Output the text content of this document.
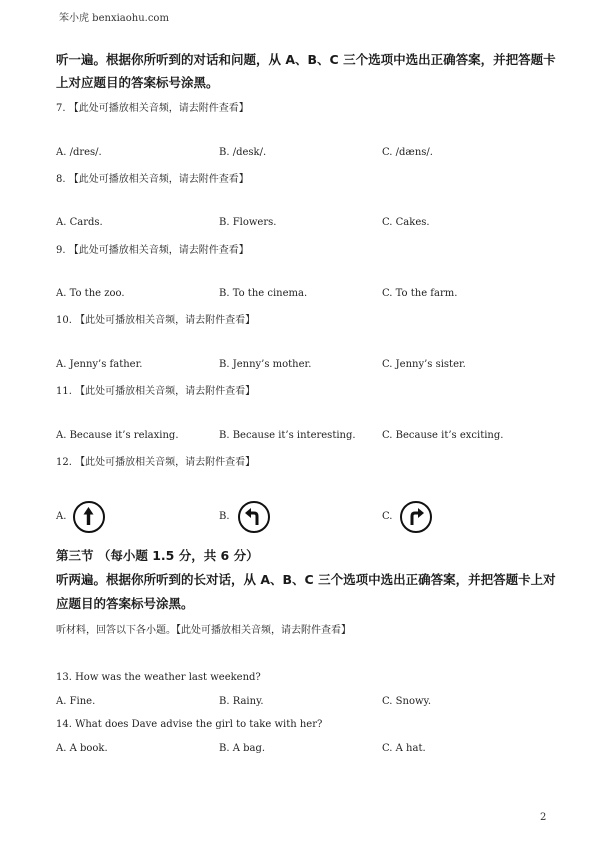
笨小虎 benxiaohu.com
听一遍。根据你所听到的对话和问题，从 A、B、C 三个选项中选出正确答案，并把答题卡
上对应题目的答案标号涂黑。
7. 【此处可播放相关音频，请去附件查看】
A. /dres/.	B. /desk/.	C. /dæns/.
8. 【此处可播放相关音频，请去附件查看】
A. Cards.	B. Flowers.	C. Cakes.
9. 【此处可播放相关音频，请去附件查看】
A. To the zoo.	B. To the cinema.	C. To the farm.
10. 【此处可播放相关音频，请去附件查看】
A. Jenny’s father.	B. Jenny’s mother.	C. Jenny’s sister.
11. 【此处可播放相关音频，请去附件查看】
A. Because it’s relaxing.	B. Because it’s interesting.	C. Because it’s exciting.
12. 【此处可播放相关音频，请去附件查看】
A.	B.	C.
第三节 （每小题 1.5 分，共 6 分）
听两遍。根据你所听到的长对话，从 A、B、C 三个选项中选出正确答案，并把答题卡上对
应题目的答案标号涂黑。
听材料，回答以下各小题。【此处可播放相关音频，请去附件查看】
13. How was the weather last weekend?
A. Fine.	B. Rainy.	C. Snowy.
14. What does Dave advise the girl to take with her?
A. A book.	B. A bag.	C. A hat.
2
